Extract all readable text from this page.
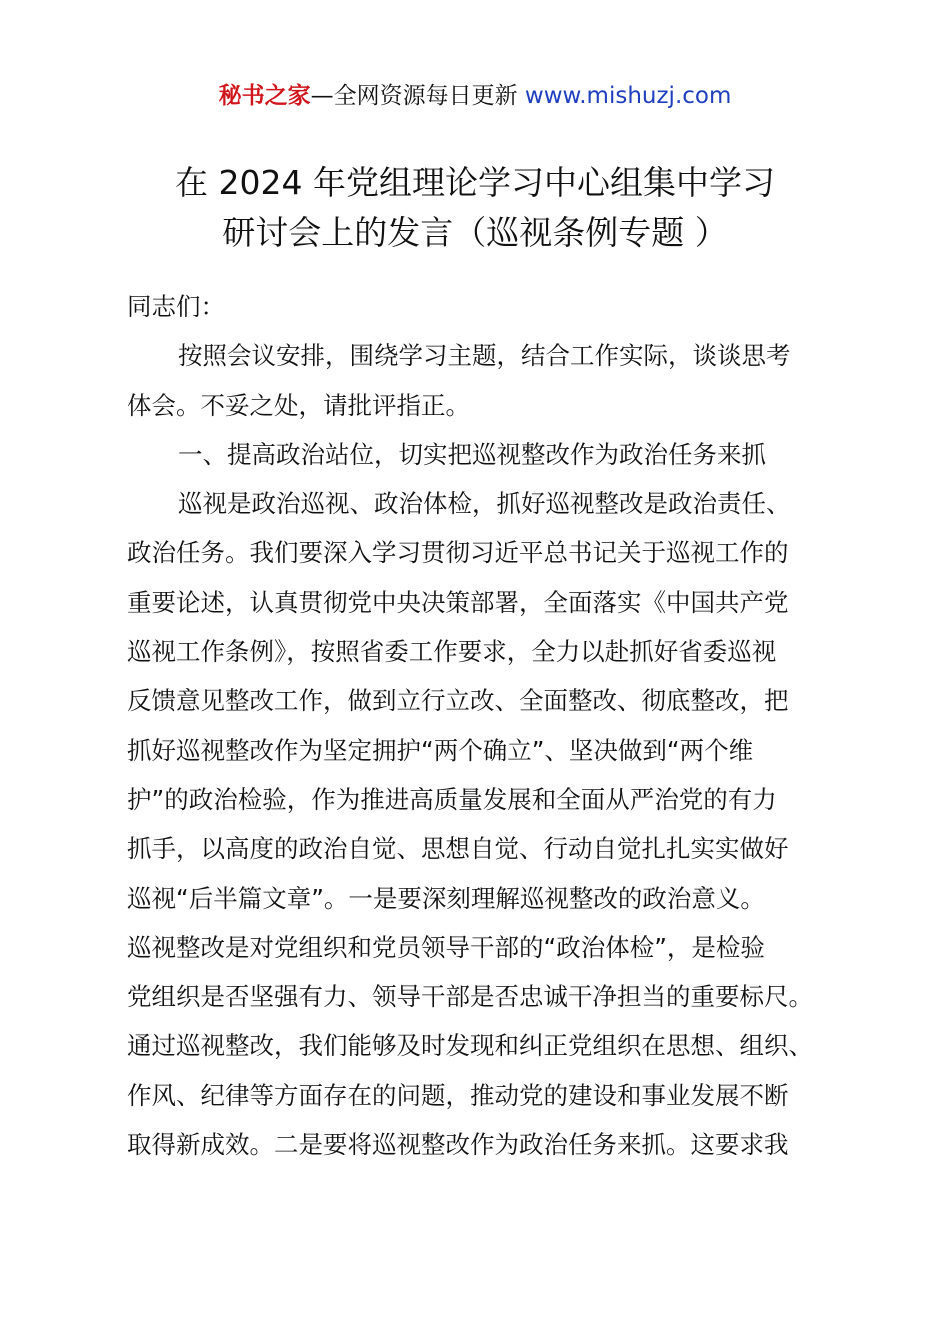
秘书之家—全网资源每日更新 www.mishuzj.com
在 2024 年党组理论学习中心组集中学习
研讨会上的发言（巡视条例专题 ）

同志们：

按照会议安排，围绕学习主题，结合工作实际，谈谈思考

体会。不妥之处，请批评指正。

一、提高政治站位，切实把巡视整改作为政治任务来抓

巡视是政治巡视、政治体检，抓好巡视整改是政治责任、

政治任务。我们要深入学习贯彻习近平总书记关于巡视工作的

重要论述，认真贯彻党中央决策部署，全面落实《中国共产党

巡视工作条例》，按照省委工作要求，全力以赴抓好省委巡视

反馈意见整改工作，做到立行立改、全面整改、彻底整改，把

抓好巡视整改作为坚定拥护“两个确立”、坚决做到“两个维

护”的政治检验，作为推进高质量发展和全面从严治党的有力

抓手，以高度的政治自觉、思想自觉、行动自觉扎扎实实做好

巡视“后半篇文章”。一是要深刻理解巡视整改的政治意义。

巡视整改是对党组织和党员领导干部的“政治体检”，是检验

党组织是否坚强有力、领导干部是否忠诚干净担当的重要标尺。

通过巡视整改，我们能够及时发现和纠正党组织在思想、组织、

作风、纪律等方面存在的问题，推动党的建设和事业发展不断

取得新成效。二是要将巡视整改作为政治任务来抓。这要求我
